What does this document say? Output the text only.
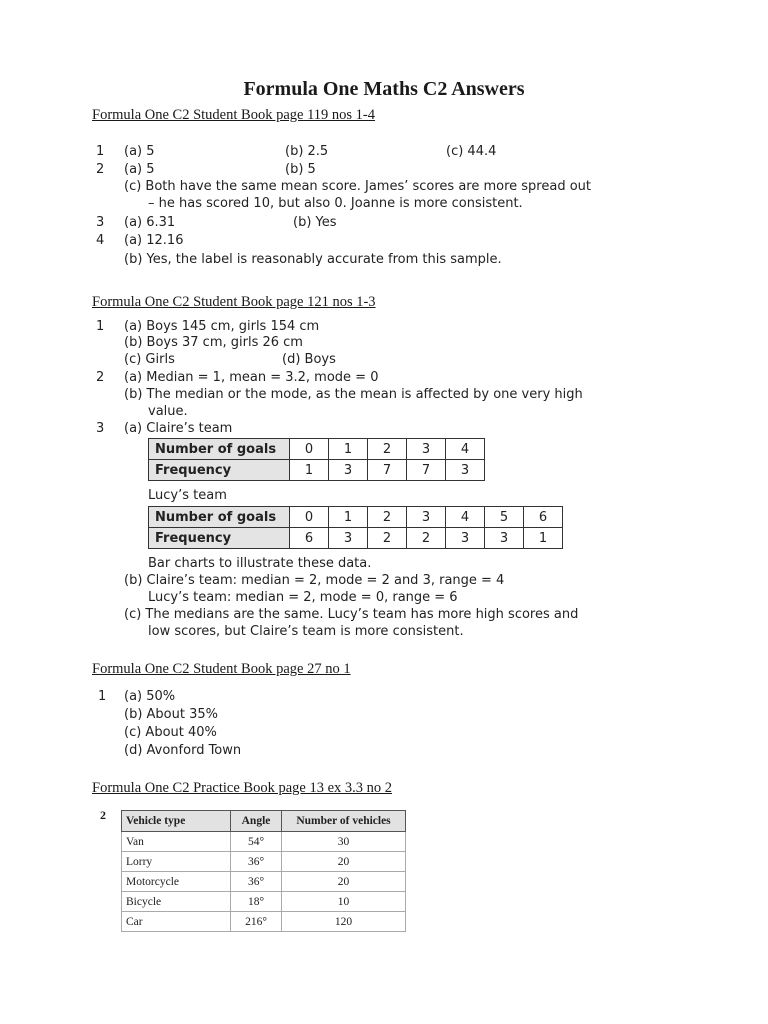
Formula One Maths C2 Answers
Formula One C2 Student Book page 119 nos 1-4
1 (a) 5	(b) 2.5	(c) 44.4
2 (a) 5	(b) 5
(c) Both have the same mean score. James’ scores are more spread out
– he has scored 10, but also 0. Joanne is more consistent.
3 (a) 6.31	(b) Yes
4 (a) 12.16
(b) Yes, the label is reasonably accurate from this sample.
Formula One C2 Student Book page 121 nos 1-3
1 (a) Boys 145 cm, girls 154 cm
(b) Boys 37 cm, girls 26 cm
(c) Girls	(d) Boys
2 (a) Median = 1, mean = 3.2, mode = 0
(b) The median or the mode, as the mean is affected by one very high
value.
3 (a) Claire’s team
Number of goals	0	1	2	3	4
Frequency	1	3	7	7	3
Lucy’s team
Number of goals	0	1	2	3	4	5	6
Frequency	6	3	2	2	3	3	1
Bar charts to illustrate these data.
(b) Claire’s team: median = 2, mode = 2 and 3, range = 4
Lucy’s team: median = 2, mode = 0, range = 6
(c) The medians are the same. Lucy’s team has more high scores and
low scores, but Claire’s team is more consistent.
Formula One C2 Student Book page 27 no 1
1 (a) 50%
(b) About 35%
(c) About 40%
(d) Avonford Town
Formula One C2 Practice Book page 13 ex 3.3 no 2
2 Vehicle type	Angle	Number of vehicles
Van	54°	30
Lorry	36°	20
Motorcycle	36°	20
Bicycle	18°	10
Car	216°	120
